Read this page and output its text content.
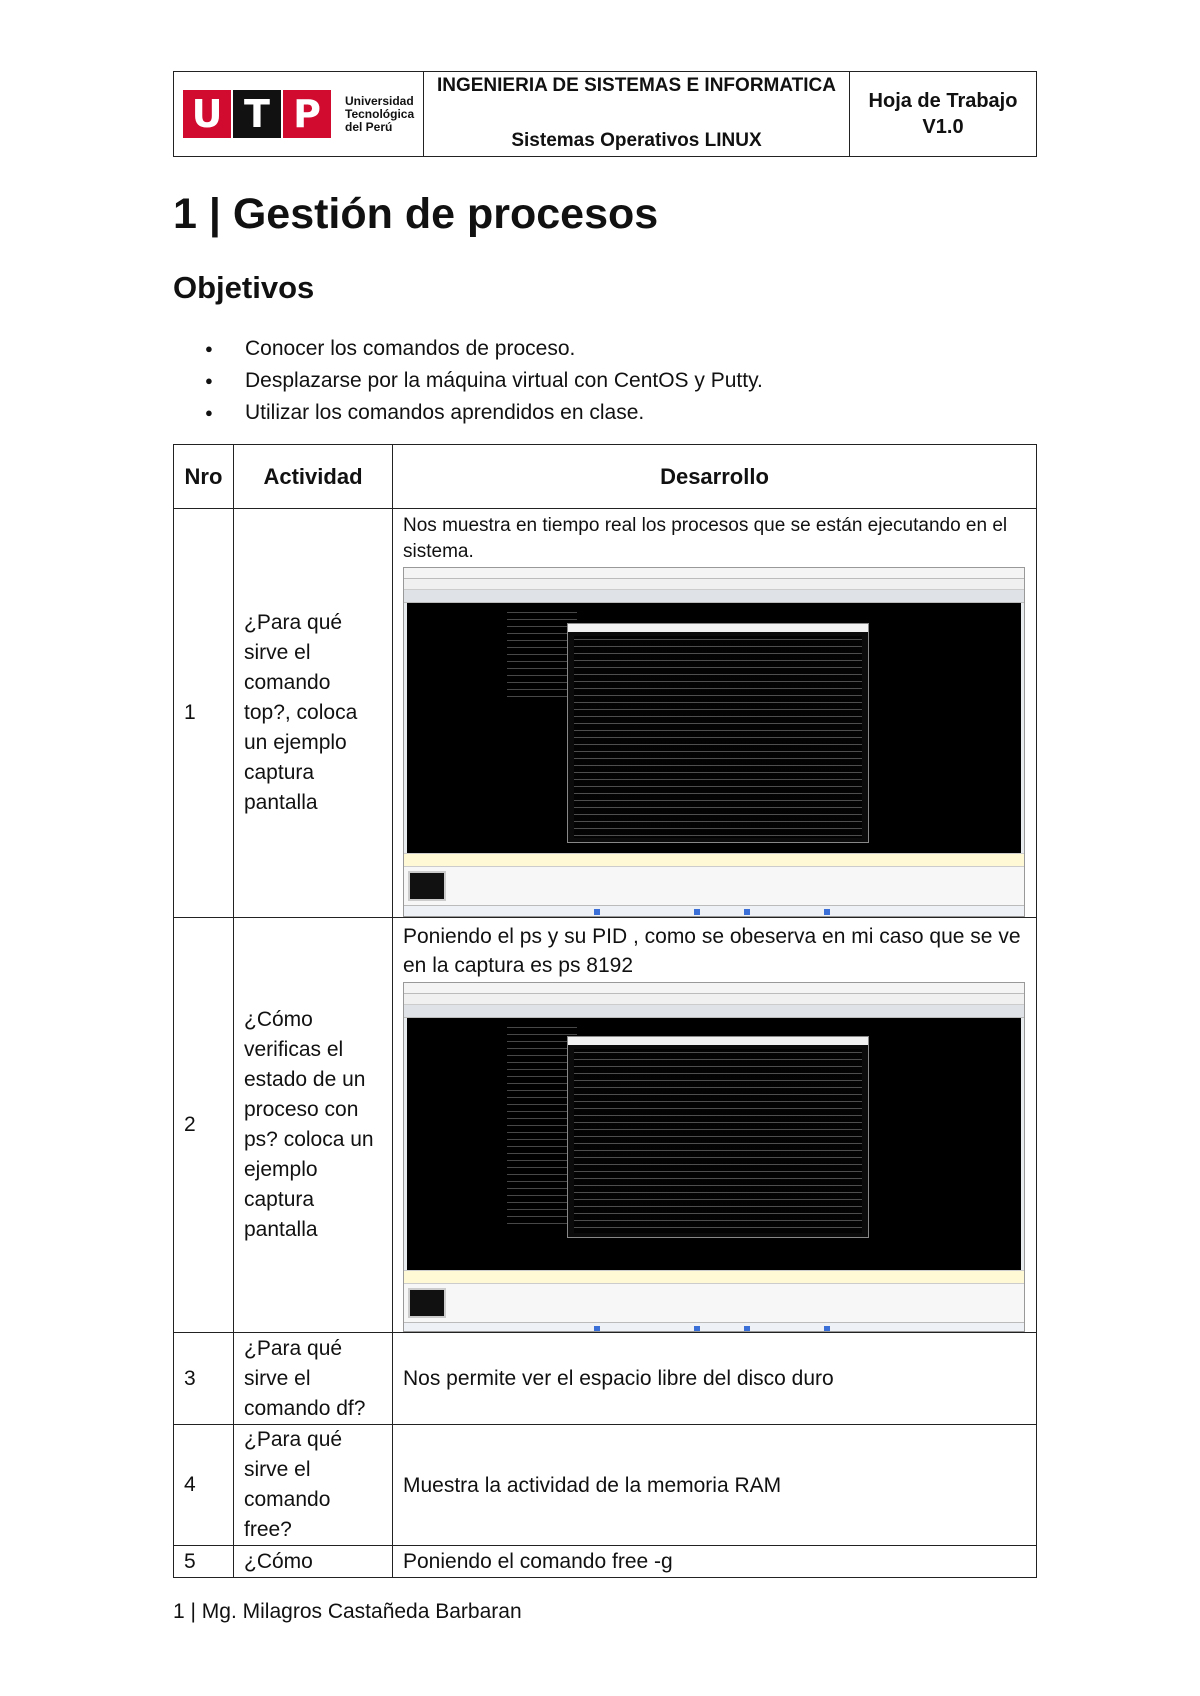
U T P	Universidad
Tecnológica
del Perú
INGENIERIA DE SISTEMAS E INFORMATICA
Sistemas Operativos LINUX
Hoja de Trabajo
V1.0
1 | Gestión de procesos
Objetivos
● Conocer los comandos de proceso.
● Desplazarse por la máquina virtual con CentOS y Putty.
● Utilizar los comandos aprendidos en clase.
Nro	Actividad	Desarrollo
1	¿Para qué sirve el comando top?, coloca un ejemplo captura pantalla	Nos muestra en tiempo real los procesos que se están ejecutando en el sistema.

2	¿Cómo verificas el estado de un proceso con ps? coloca un ejemplo captura pantalla	Poniendo el ps y su PID , como se obeserva en mi caso que se ve en la captura es ps 8192

3	¿Para qué sirve el comando df?	Nos permite ver el espacio libre del disco duro
4	¿Para qué sirve el comando free?	Muestra la actividad de la memoria RAM
5	¿Cómo	Poniendo el comando free -g
1 | Mg. Milagros Castañeda Barbaran
